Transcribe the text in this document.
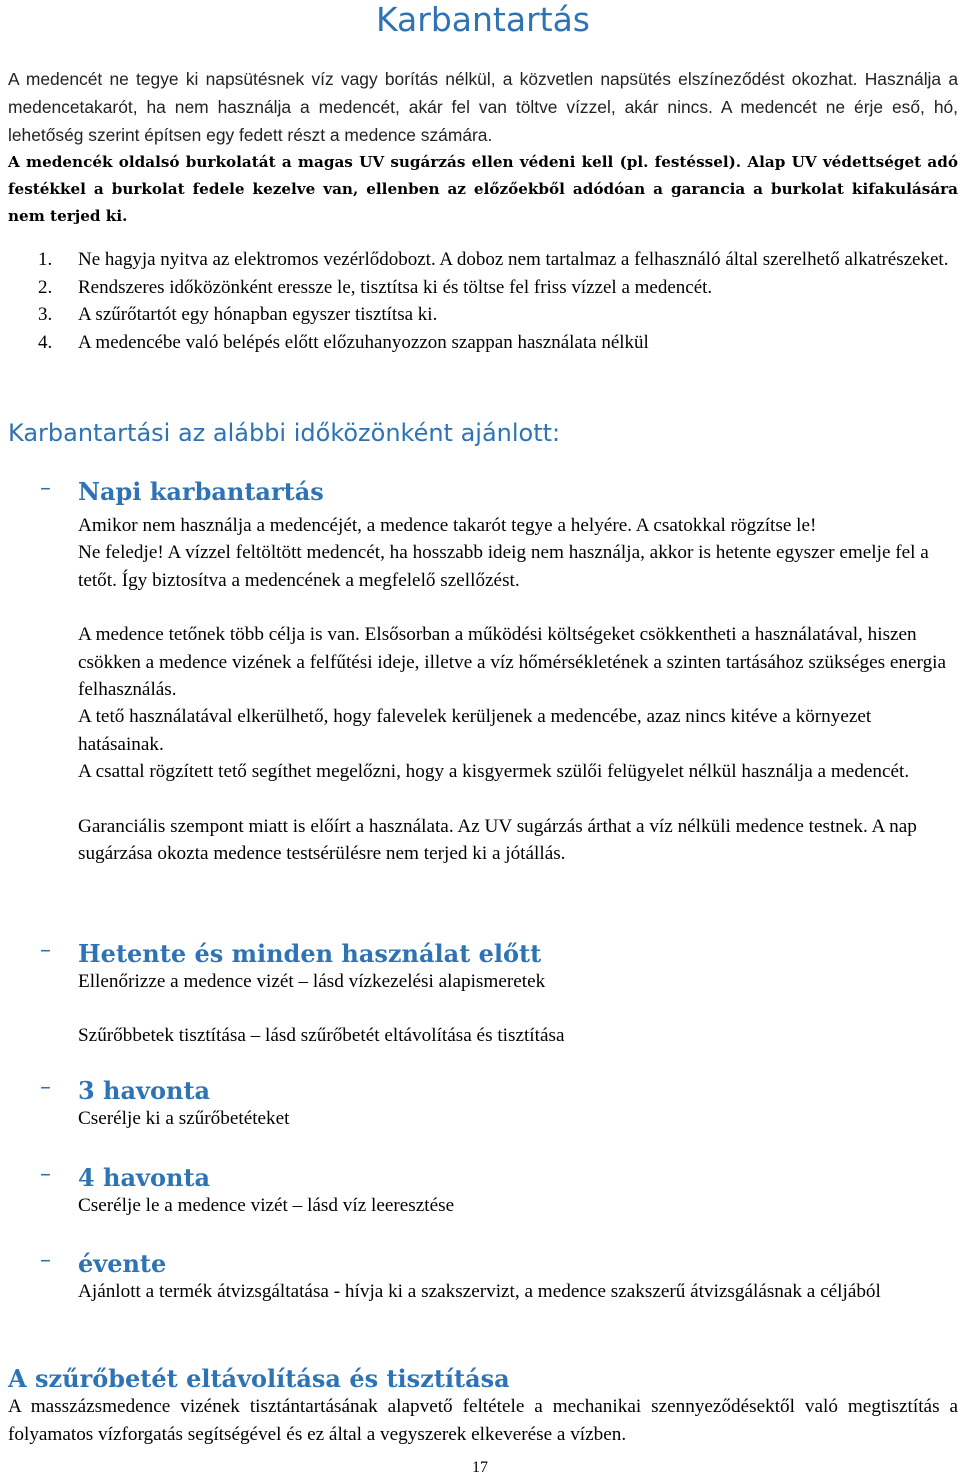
Karbantartás

A medencét ne tegye ki napsütésnek víz vagy borítás nélkül, a közvetlen napsütés elszíneződést okozhat. Használja a medencetakarót, ha nem használja a medencét, akár fel van töltve vízzel, akár nincs. A medencét ne érje eső, hó, lehetőség szerint építsen egy fedett részt a medence számára.

A medencék oldalsó burkolatát a magas UV sugárzás ellen védeni kell (pl. festéssel). Alap UV védettséget adó festékkel a burkolat fedele kezelve van, ellenben az előzőekből adódóan a garancia a burkolat kifakulására nem terjed ki.

1. Ne hagyja nyitva az elektromos vezérlődobozt. A doboz nem tartalmaz a felhasználó által szerelhető alkatrészeket.
2. Rendszeres időközönként eressze le, tisztítsa ki és töltse fel friss vízzel a medencét.
3. A szűrőtartót egy hónapban egyszer tisztítsa ki.
4. A medencébe való belépés előtt előzuhanyozzon szappan használata nélkül
Karbantartási az alábbi időközönként ajánlott:
– Napi karbantartás

Amikor nem használja a medencéjét, a medence takarót tegye a helyére. A csatokkal rögzítse le!

Ne feledje! A vízzel feltöltött medencét, ha hosszabb ideig nem használja, akkor is hetente egyszer emelje fel a tetőt. Így biztosítva a medencének a megfelelő szellőzést.

A medence tetőnek több célja is van. Elsősorban a működési költségeket csökkentheti a használatával, hiszen csökken a medence vizének a felfűtési ideje, illetve a víz hőmérsékletének a szinten tartásához szükséges energia felhasználás.

A tető használatával elkerülhető, hogy falevelek kerüljenek a medencébe, azaz nincs kitéve a környezet hatásainak.

A csattal rögzített tető segíthet megelőzni, hogy a kisgyermek szülői felügyelet nélkül használja a medencét.

Garanciális szempont miatt is előírt a használata. Az UV sugárzás árthat a víz nélküli medence testnek. A nap sugárzása okozta medence testsérülésre nem terjed ki a jótállás.

– Hetente és minden használat előtt

Ellenőrizze a medence vizét – lásd vízkezelési alapismeretek

Szűrőbbetek tisztítása – lásd szűrőbetét eltávolítása és tisztítása

– 3 havonta

Cserélje ki a szűrőbetéteket

– 4 havonta

Cserélje le a medence vizét – lásd víz leeresztése

– évente

Ajánlott a termék átvizsgáltatása - hívja ki a szakszervizt, a medence szakszerű átvizsgálásnak a céljából

A szűrőbetét eltávolítása és tisztítása

A masszázsmedence vizének tisztántartásának alapvető feltétele a mechanikai szennyeződésektől való megtisztítás a folyamatos vízforgatás segítségével és ez által a vegyszerek elkeverése a vízben.

17
